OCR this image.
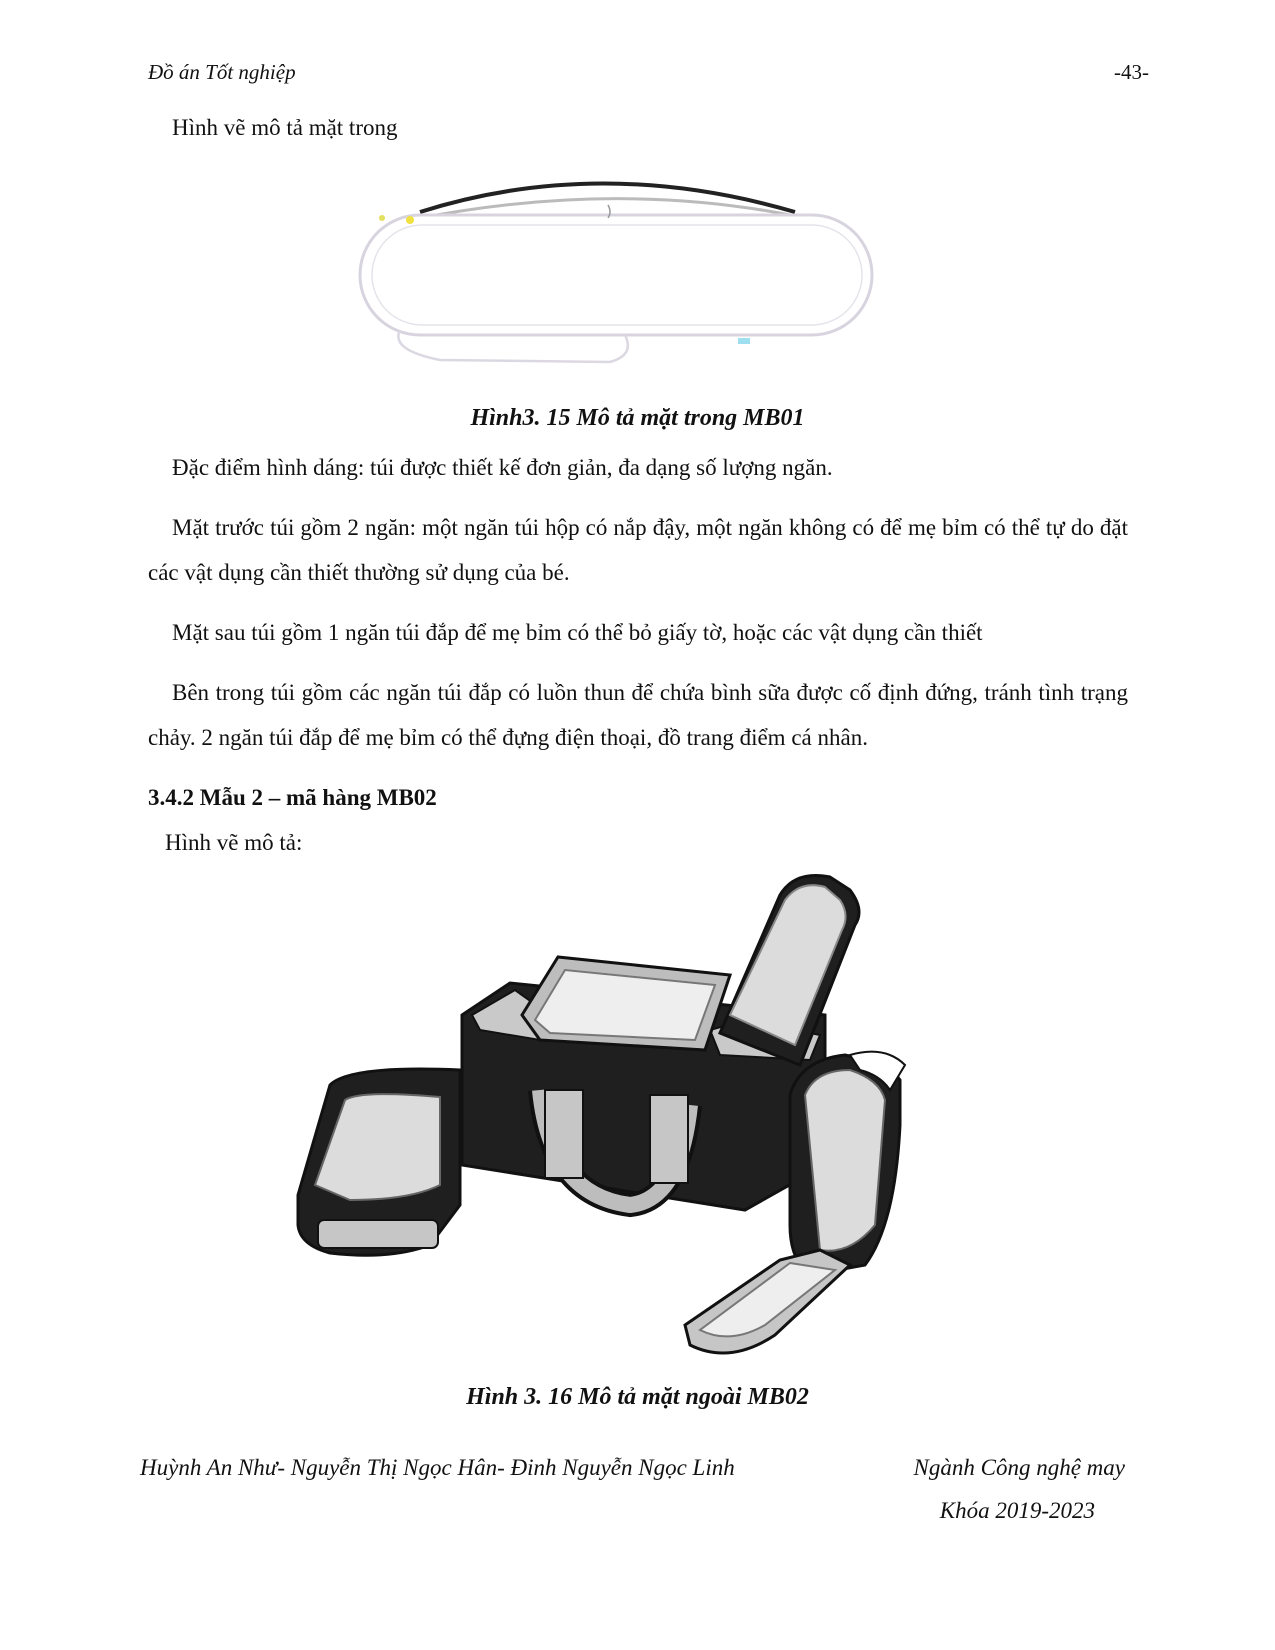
Đồ án Tốt nghiệp	-43-
Hình vẽ mô tả mặt trong
Hình3. 15 Mô tả mặt trong MB01
Đặc điểm hình dáng: túi được thiết kế đơn giản, đa dạng số lượng ngăn.
Mặt trước túi gồm 2 ngăn: một ngăn túi hộp có nắp đậy, một ngăn không có để mẹ bỉm có thể tự do đặt các vật dụng cần thiết thường sử dụng của bé.
Mặt sau túi gồm 1 ngăn túi đắp để mẹ bỉm có thể bỏ giấy tờ, hoặc các vật dụng cần thiết
Bên trong túi gồm các ngăn túi đắp có luồn thun để chứa bình sữa được cố định đứng, tránh tình trạng chảy. 2 ngăn túi đắp để mẹ bỉm có thể đựng điện thoại, đồ trang điểm cá nhân.
3.4.2 Mẫu 2 – mã hàng MB02
Hình vẽ mô tả:
Hình 3. 16 Mô tả mặt ngoài MB02
Huỳnh An Như- Nguyễn Thị Ngọc Hân- Đinh Nguyễn Ngọc Linh	Ngành Công nghệ may
Khóa 2019-2023
